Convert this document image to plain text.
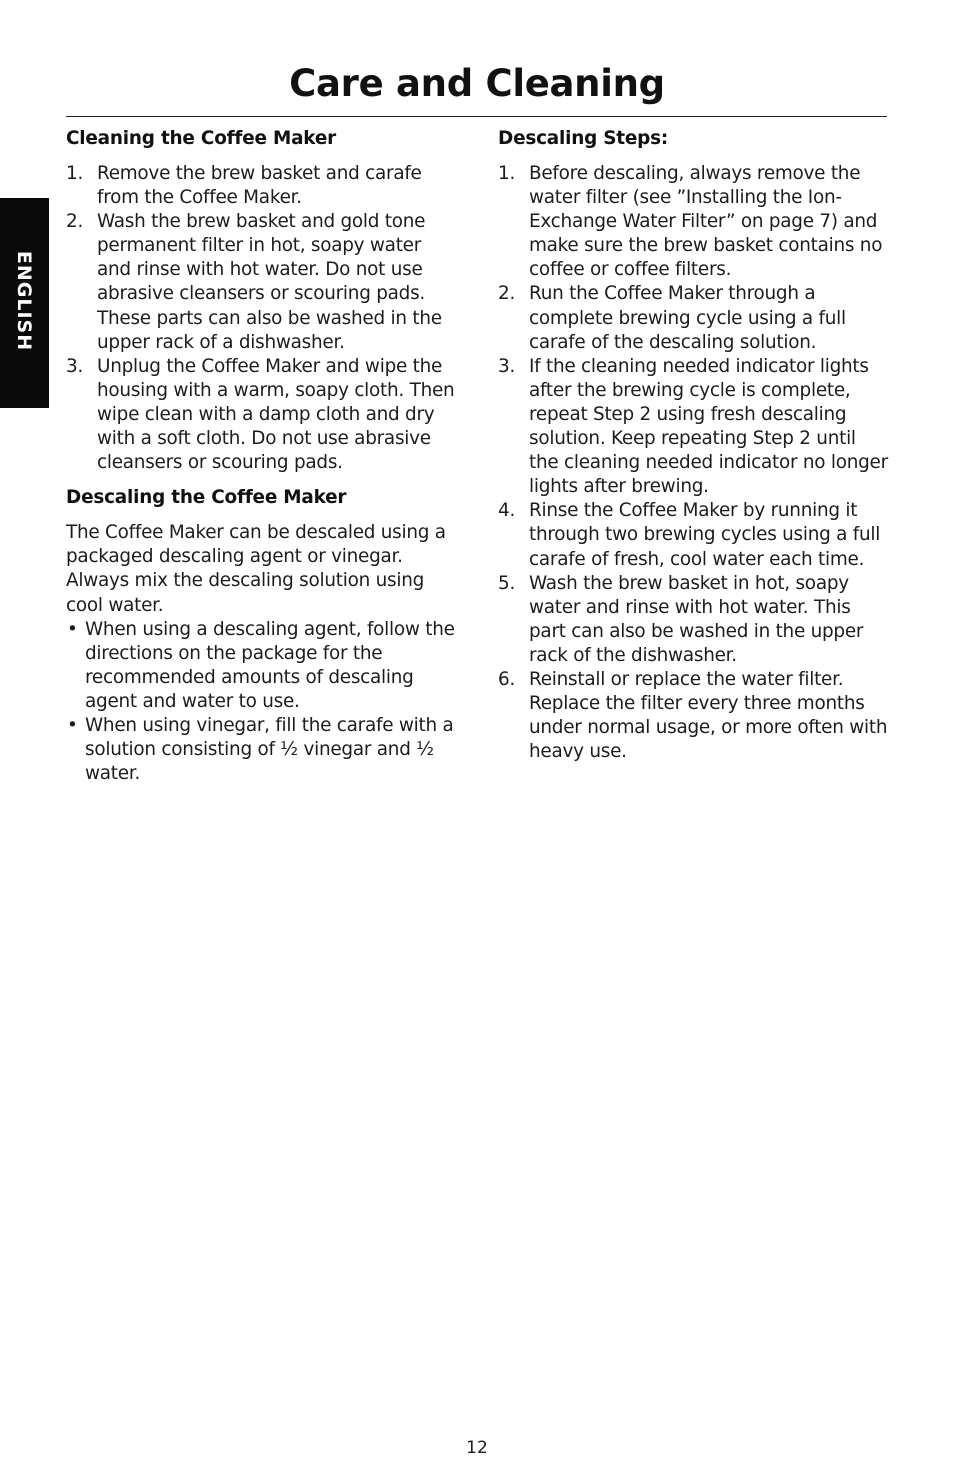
Care and Cleaning
ENGLISH
Cleaning the Coffee Maker
1. Remove the brew basket and carafe from the Coffee Maker.
2. Wash the brew basket and gold tone permanent filter in hot, soapy water and rinse with hot water. Do not use abrasive cleansers or scouring pads. These parts can also be washed in the upper rack of a dishwasher.
3. Unplug the Coffee Maker and wipe the housing with a warm, soapy cloth. Then wipe clean with a damp cloth and dry with a soft cloth. Do not use abrasive cleansers or scouring pads.
Descaling the Coffee Maker

The Coffee Maker can be descaled using a packaged descaling agent or vinegar. Always mix the descaling solution using cool water.

• When using a descaling agent, follow the directions on the package for the recommended amounts of descaling agent and water to use.
• When using vinegar, fill the carafe with a solution consisting of ½ vinegar and ½ water.
Descaling Steps:
1. Before descaling, always remove the water filter (see ”Installing the Ion-Exchange Water Filter” on page 7) and make sure the brew basket contains no coffee or coffee filters.
2. Run the Coffee Maker through a complete brewing cycle using a full carafe of the descaling solution.
3. If the cleaning needed indicator lights after the brewing cycle is complete, repeat Step 2 using fresh descaling solution. Keep repeating Step 2 until the cleaning needed indicator no longer lights after brewing.
4. Rinse the Coffee Maker by running it through two brewing cycles using a full carafe of fresh, cool water each time.
5. Wash the brew basket in hot, soapy water and rinse with hot water. This part can also be washed in the upper rack of the dishwasher.
6. Reinstall or replace the water filter. Replace the filter every three months under normal usage, or more often with heavy use.
12
